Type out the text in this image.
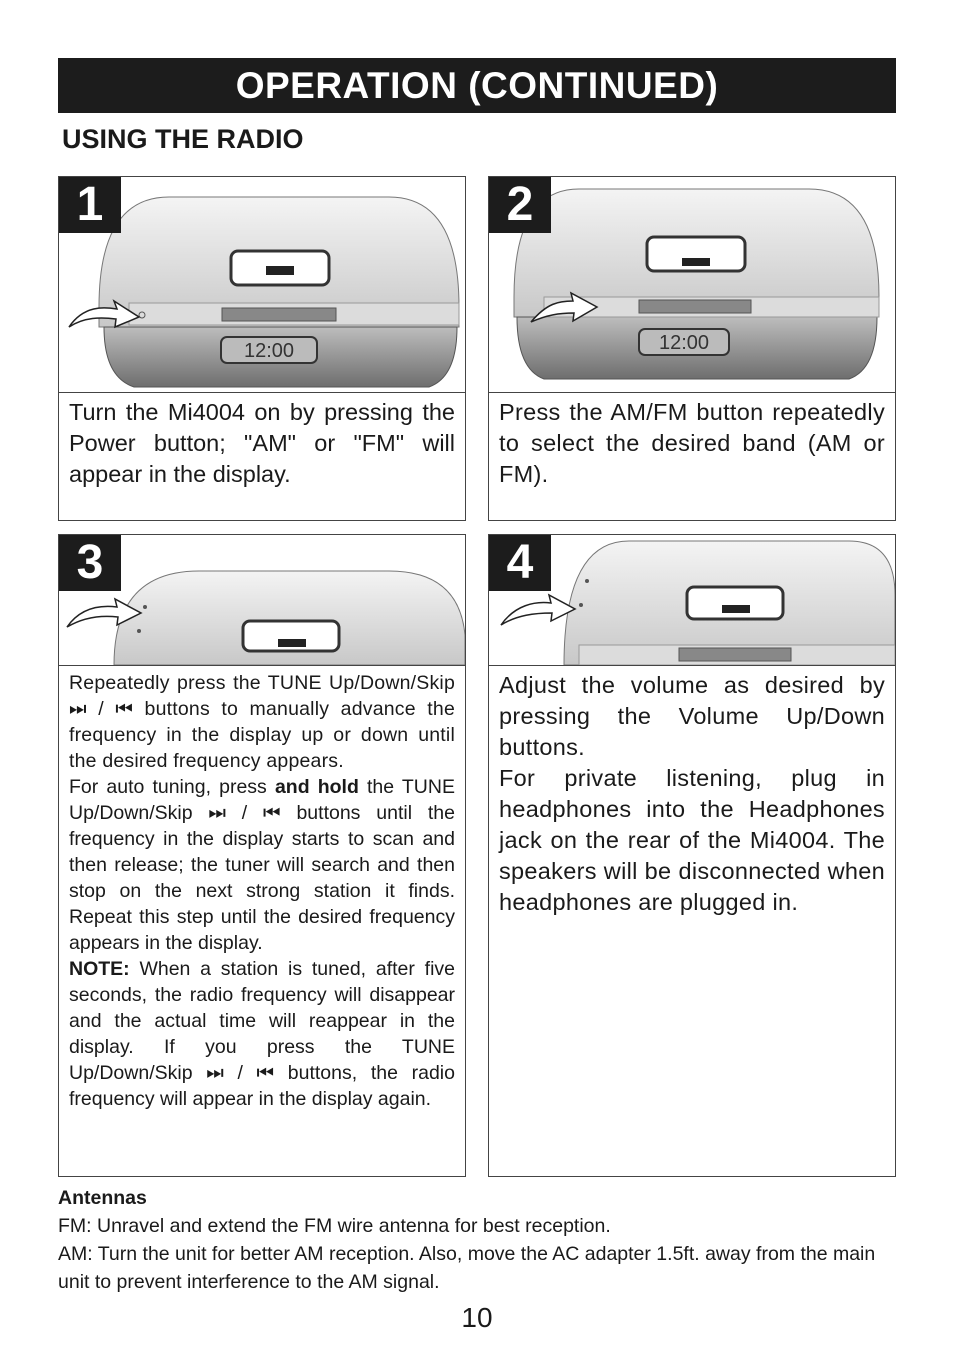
OPERATION (CONTINUED)
USING THE RADIO
1
12:00
Turn the Mi4004 on by pressing the Power button; "AM" or "FM" will appear in the display.
2
12:00
Press the AM/FM button repeatedly to select the desired band (AM or FM).
3

Repeatedly press the TUNE Up/Down/Skip ⏭ / ⏮ buttons to manually advance the frequency in the display up or down until the desired frequency appears.

For auto tuning, press and hold the TUNE Up/Down/Skip ⏭ / ⏮ buttons until the frequency in the display starts to scan and then release; the tuner will search and then stop on the next strong station it finds. Repeat this step until the desired frequency appears in the display.

NOTE: When a station is tuned, after five seconds, the radio frequency will disappear and the actual time will reappear in the display. If you press the TUNE Up/Down/Skip ⏭ / ⏮ buttons, the radio frequency will appear in the display again.

4

Adjust the volume as desired by pressing the Volume Up/Down buttons.

For private listening, plug in headphones into the Headphones jack on the rear of the Mi4004. The speakers will be disconnected when headphones are plugged in.

Antennas

FM: Unravel and extend the FM wire antenna for best reception.

AM: Turn the unit for better AM reception. Also, move the AC adapter 1.5ft. away from the main unit to prevent interference to the AM signal.

10
